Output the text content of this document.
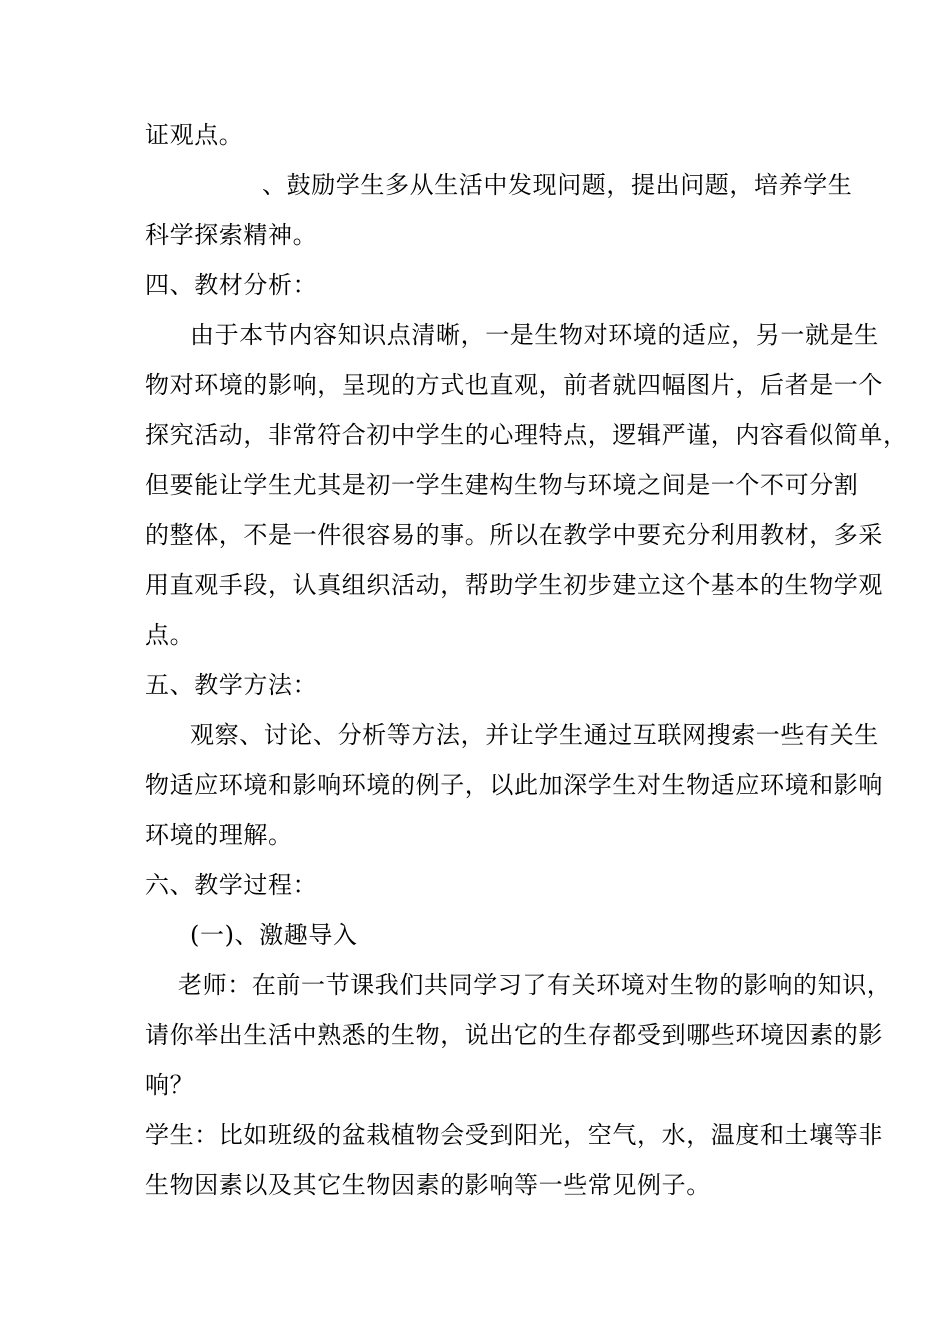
证观点。
、鼓励学生多从生活中发现问题，提出问题，培养学生
科学探索精神。
四、教材分析：
由于本节内容知识点清晰，一是生物对环境的适应，另一就是生
物对环境的影响，呈现的方式也直观，前者就四幅图片，后者是一个
探究活动，非常符合初中学生的心理特点，逻辑严谨，内容看似简单，
但要能让学生尤其是初一学生建构生物与环境之间是一个不可分割
的整体，不是一件很容易的事。所以在教学中要充分利用教材，多采
用直观手段，认真组织活动，帮助学生初步建立这个基本的生物学观
点。
五、教学方法：
观察、讨论、分析等方法，并让学生通过互联网搜索一些有关生
物适应环境和影响环境的例子，以此加深学生对生物适应环境和影响
环境的理解。
六、教学过程：
(一)、激趣导入
老师：在前一节课我们共同学习了有关环境对生物的影响的知识，
请你举出生活中熟悉的生物，说出它的生存都受到哪些环境因素的影
响？
学生：比如班级的盆栽植物会受到阳光，空气，水，温度和土壤等非
生物因素以及其它生物因素的影响等一些常见例子。
